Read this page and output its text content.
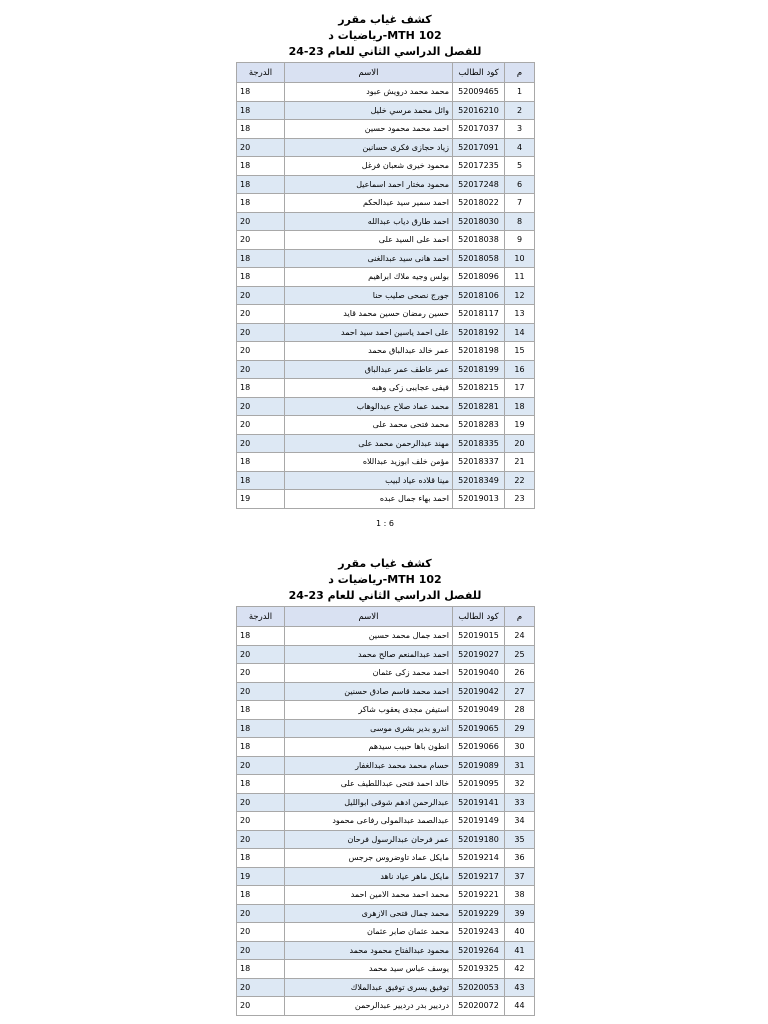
كشف غياب مقرر
MTH 102-رياضيات د
للفصل الدراسي الثاني للعام 23-24
م	كود الطالب	الاسم	الدرجة
1	52009465	محمد محمد درويش عبود	18
2	52016210	وائل محمد مرسي خليل	18
3	52017037	احمد محمد محمود حسين	18
4	52017091	زياد حجازى فكرى حسانين	20
5	52017235	محمود خيرى شعبان فرغل	18
6	52017248	محمود مختار احمد اسماعيل	18
7	52018022	احمد سمير سيد عبدالحكم	18
8	52018030	احمد طارق دياب عبدالله	20
9	52018038	احمد على السيد على	20
10	52018058	احمد هانى سيد عبدالغنى	18
11	52018096	بولس وجيه ملاك ابراهيم	18
12	52018106	جورج نصحى صليب حنا	20
13	52018117	حسين رمضان حسين محمد قايد	20
14	52018192	على احمد ياسين احمد سيد احمد	20
15	52018198	عمر خالد عبدالباق محمد	20
16	52018199	عمر عاطف عمر عبدالباق	20
17	52018215	فيفى عجايبى زكى وهبه	18
18	52018281	محمد عماد صلاح عبدالوهاب	20
19	52018283	محمد فتحى محمد على	20
20	52018335	مهند عبدالرحمن محمد على	20
21	52018337	مؤمن خلف ابوزيد عبداللاه	18
22	52018349	مينا قلاده عياد لبيب	18
23	52019013	احمد بهاء جمال عبده	19
1 : 6
كشف غياب مقرر
MTH 102-رياضيات د
للفصل الدراسي الثاني للعام 23-24
م	كود الطالب	الاسم	الدرجة
24	52019015	احمد جمال محمد حسين	18
25	52019027	احمد عبدالمنعم صالح محمد	20
26	52019040	احمد محمد زكى عثمان	20
27	52019042	احمد محمد قاسم صادق حسنين	20
28	52019049	استيفن مجدى يعقوب شاكر	18
29	52019065	اندرو بدير بشرى موسى	18
30	52019066	انطون باها حبيب سيدهم	18
31	52019089	حسام محمد محمد عبدالغفار	20
32	52019095	خالد احمد فتحى عبداللطيف على	18
33	52019141	عبدالرحمن ادهم شوقى ابوالليل	20
34	52019149	عبدالصمد عبدالمولى رفاعى محمود	20
35	52019180	عمر فرحان عبدالرسول فرحان	20
36	52019214	مايكل عماد تاوضروس جرجس	18
37	52019217	مايكل ماهر عياد ناهد	19
38	52019221	محمد احمد محمد الامين احمد	18
39	52019229	محمد جمال فتحى الازهرى	20
40	52019243	محمد عثمان صابر عثمان	20
41	52019264	محمود عبدالفتاح محمود محمد	20
42	52019325	يوسف عباس سيد محمد	18
43	52020053	توفيق يسرى توفيق عبدالملاك	20
44	52020072	درديير بدر درديير عبدالرحمن	20
